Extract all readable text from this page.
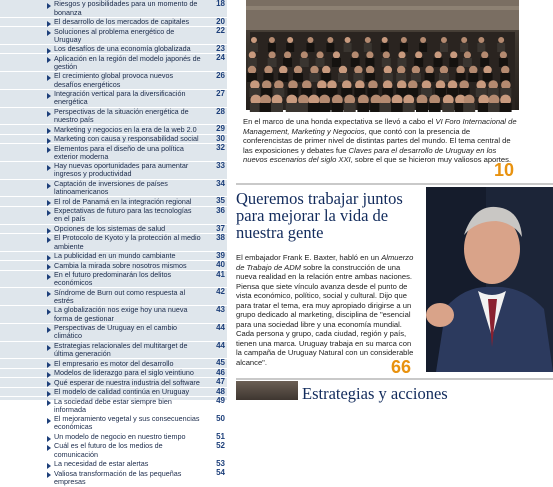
Riesgos y posibilidades para un momento de bonanza
18
El desarrollo de los mercados de capitales	20
Soluciones al problema energético de Uruguay
22
Los desafíos de una economía globalizada	23
Aplicación en la región del modelo japonés de gestión
24
El crecimiento global provoca nuevos desafíos energéticos
26
Integración vertical para la diversificación energética
27
Perspectivas de la situación energética de nuestro país
28
Marketing y negocios en la era de la web 2.0	29
Marketing con causa y responsabilidad social	30
Elementos para el diseño de una política exterior moderna
32
Hay nuevas oportunidades para aumentar ingresos y productividad
33
Captación de inversiones de países latinoamericanos
34
El rol de Panamá en la integración regional	35
Expectativas de futuro para las tecnologías en el país
36
Opciones de los sistemas de salud	37
El Protocolo de Kyoto y la protección al medio ambiente
38
La publicidad en un mundo cambiante	39
Cambia la mirada sobre nosotros mismos	40
En el futuro predominarán los delitos económicos
41
Síndrome de Burn out como respuesta al estrés
42
La globalización nos exige hoy una nueva forma de gestionar
43
Perspectivas de Uruguay en el cambio climático
44
Estrategias relacionales del multitarget de última generación
44
El empresario es motor del desarrollo	45
Modelos de liderazgo para el siglo veintiuno	46
Qué esperar de nuestra industria del software	47
El modelo de calidad continúa en Uruguay	48
La sociedad debe estar siempre bien informada
49
El mejoramiento vegetal y sus consecuencias económicas
50
Un modelo de negocio en nuestro tiempo	51
Cuál es el futuro de los medios de comunicación
52
La necesidad de estar alertas	53
Valiosa transformación de las pequeñas empresas
54
En el marco de una honda expectativa se llevó a cabo el VI Foro Internacional de Management, Marketing y Negocios, que contó con la presencia de conferencistas de primer nivel de distintas partes del mundo. El tema central de las exposiciones y debates fue Claves para el desarrollo de Uruguay en los nuevos escenarios del siglo XXI, sobre el que se hicieron muy valiosos aportes.
10
Queremos trabajar juntos para mejorar la vida de nuestra gente
El embajador Frank E. Baxter, habló en un Almuerzo de Trabajo de ADM sobre la construcción de una nueva realidad en la relación entre ambas naciones. Piensa que siete vínculo avanza desde el punto de vista económico, político, social y cultural. Dijo que para tratar el tema, era muy apropiado dirigirse a un grupo dedicado al marketing, disciplina de "esencial para una sociedad libre y una economía mundial. Cada persona y grupo, cada ciudad, región y país, tienen una marca. Uruguay trabaja en su marca con la campaña de Uruguay Natural con un considerable alcance".	66
Estrategias y acciones
